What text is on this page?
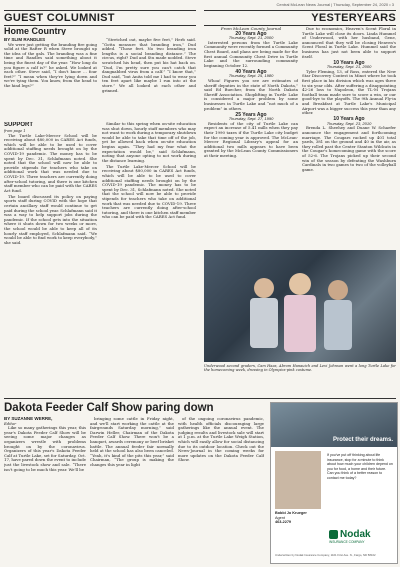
Central McLean News Journal | Thursday, September 24, 2020 • 3
GUEST COLUMNIST	YESTERYEARS
Home Country
BY SLIM RANDLES

We were just getting the branding fire going solid at the Rafter R when Steve brought up the idea of the gals. The branding was a fine time and Randles said something about it being the finest day of the year. “How long do you figure a calf is?” he asked. We looked at each other. Steve said, “I don't know … four feet?” “I mean when they're lying down and we're tying them. You know, from the head to the hind legs?”

“Stretched out, maybe five feet,” Herb said. “Gotta measure that branding iron,” Dud added. “Those feet. No two branding iron lengths is a social branding distance.” The circus, right? Dud and Stu made nodded. Steve scratched his head, then put his hat back on. “Dud, I'm pretty sure you can't catch that dangnabbed virus from a calf.” “I know that,” Dud said, “but Anita told me I had to wear you ten feet apart like maybe I run into at the store.” We all looked at each other and grinned.

SUPPORT
from page 1

The Turtle Lake-Mercer School will be receiving about $80,000 in CARES Act funds, which will be able to be used to cover additional staffing needs brought on by the COVID-19 pandemic. The money has to be spent by Dec. 31, Schlafmann noted. She noted that the school will now be able to provide stipends for teachers who take on additional work that was needed due to COVID-19. Three teachers are currently doing after-school tutoring, and there is one kitchen staff member who can be paid with the CARES Act fund.

The board discussed its policy on paying sports staff during COVID with the hope that certain ancillary staff would continue to get paid during the school year. Schlafmann said it was a way to help support jobs during the pandemic. If the school gets into the situation where it shuts down for two weeks or more, the school would be able to keep all of its hourly staff employed, Schlafmann said. “We would be able to find work to keep everybody,” she said.

Similar to this spring when on-site education was shut down, hourly staff members who may not want to work during a temporary shutdown would be able to take that time off of the job, yet be allowed back when on-site education begins again. “They had my fear what the expectation would be,” said Schlafmann, noting that anyone opting to not work during the distance learning.

The Turtle Lake-Mercer School will be receiving about $80,000 in CARES Act funds, which will be able to be used to cover additional staffing needs brought on by the COVID-19 pandemic. The money has to be spent by Dec. 31, Schlafmann noted. She noted that the school will now be able to provide stipends for teachers who take on additional work that was needed due to COVID-19. Three teachers are currently doing after-school tutoring, and there is one kitchen staff member who can be paid with the CARES Act fund.

From McLean County Journal
20 Years Ago
Thursday, Sept. 21, 2000

Interested persons from the Turtle Lake Community were recently formed a Community Chest Board, and plans are being made for the first annual Community Chest Drive in Turtle Lake and the surrounding community beginning October 12.

40 Years Ago
Thursday, Sept. 25, 1980

Whoa! Figures you see are estimates of sheriff deputies in the state of North Dakota,” said Ed Buecher, from the North Dakota Sheriff Association. Shoplifting in Turtle Lake is considered a major problem by some businesses in Turtle Lake and “not much of a problem” in others.

25 Years Ago
Thursday, Sept. 27, 1990

Residents of the city of Turtle Lake can expect an increase of 5.41 mills when they pay their 1990 taxes if the Turtle Lake city budget for the coming year is approved. The McLean-Mercer Regional Library's appeal for an additional two mills appears to have been granted by the McLean County Commissioners at their meeting.

Due to economics, Heaven's Scent Floral in Turtle Lake will close its doors. Linda Hummel of Underwood, with her husband, Gene, announced that they will be closing Heaven's Scent Floral in Turtle Lake. Hummel said the business has just not been able to support itself.

10 Years Ago
Thursday, Sept. 21, 2000

Tyler Fleming, 13, of Ross, entered the New Star Discovery Contest in Minot where he took first place in his division which was ages three to six year olds. After suffering a disappointing 42-26 loss to Napoleon, the TL-M Trojans football team made sure to score a win, or our good-bye to the playoffs. The 9th Annual Fly-in and Breakfast at Turtle Lake's Municipal Airport was a bigger success this year than any other.

10 Years Ago
Thursday, Sept. 23, 2010

Brenda L. Sheehey and Duane W. Schaefer announce the engagement and forthcoming marriage. The Cougars racked up 401 total yards, 381 on the ground and 40 in the air, as they rolled past the Center Stanton Wildcats in the Cougar's homecoming game with the score of 52-6. The Trojans picked up their second win of the season by defeating the Washburn Cardinals in two games to two of the volleyball game.

Underwood second graders, Cam Haas, Abrom Hanauich and Levi Johnson went a long Turtle Lake for the homecoming week, dressing in Olympics-pink costume.
Dakota Feeder Calf Show paring down
BY SUZANNE WERRE,
Editor

Like so many gatherings this year, this year's Dakota Feeder Calf Show will be seeing some major changes as organizers wrestle with problems brought on by the coronavirus. Organizers of this year's Dakota Feeder Calf at Turtle Lake, set for Saturday, Oct. 17, have pared down the event to include just the livestock show and sale. “There isn't going to be much this year. We'll be

bringing some cattle in Friday night, and we'll start working the cattle at the fairgrounds Saturday morning,” said Darwin Heller, Chairman of the Dakota Feeder Calf Show. There won't be a banquet, awards ceremony or beef brisket battle. The annual feeder fair normally held at the school has also been canceled. “Yeah, it's kind of the pits this year,” said Chairman, “The group is making the changes this year in light

of the ongoing coronavirus pandemic, with health officials discouraging large gatherings like the annual event. The judging results and livestock sale will start at 1 p.m. at the Turtle Lake Weigh Station, which will easily allow for social distancing due to its outdoor location. Check out the News-Journal in the coming weeks for more updates on the Dakota Feeder Calf Show.

Protect their dreams.
Bobbi Jo Krueger
Agent
463-2279
If you've put off thinking about life insurance, stop for a minute to think about how much your children depend on you for food, a home and their future. Can you think of a better reason to contact me today?
Nodak
INSURANCE COMPANY
Underwritten by Nodak Insurance Company, 1101 First Ave. N., Fargo, ND 58102
